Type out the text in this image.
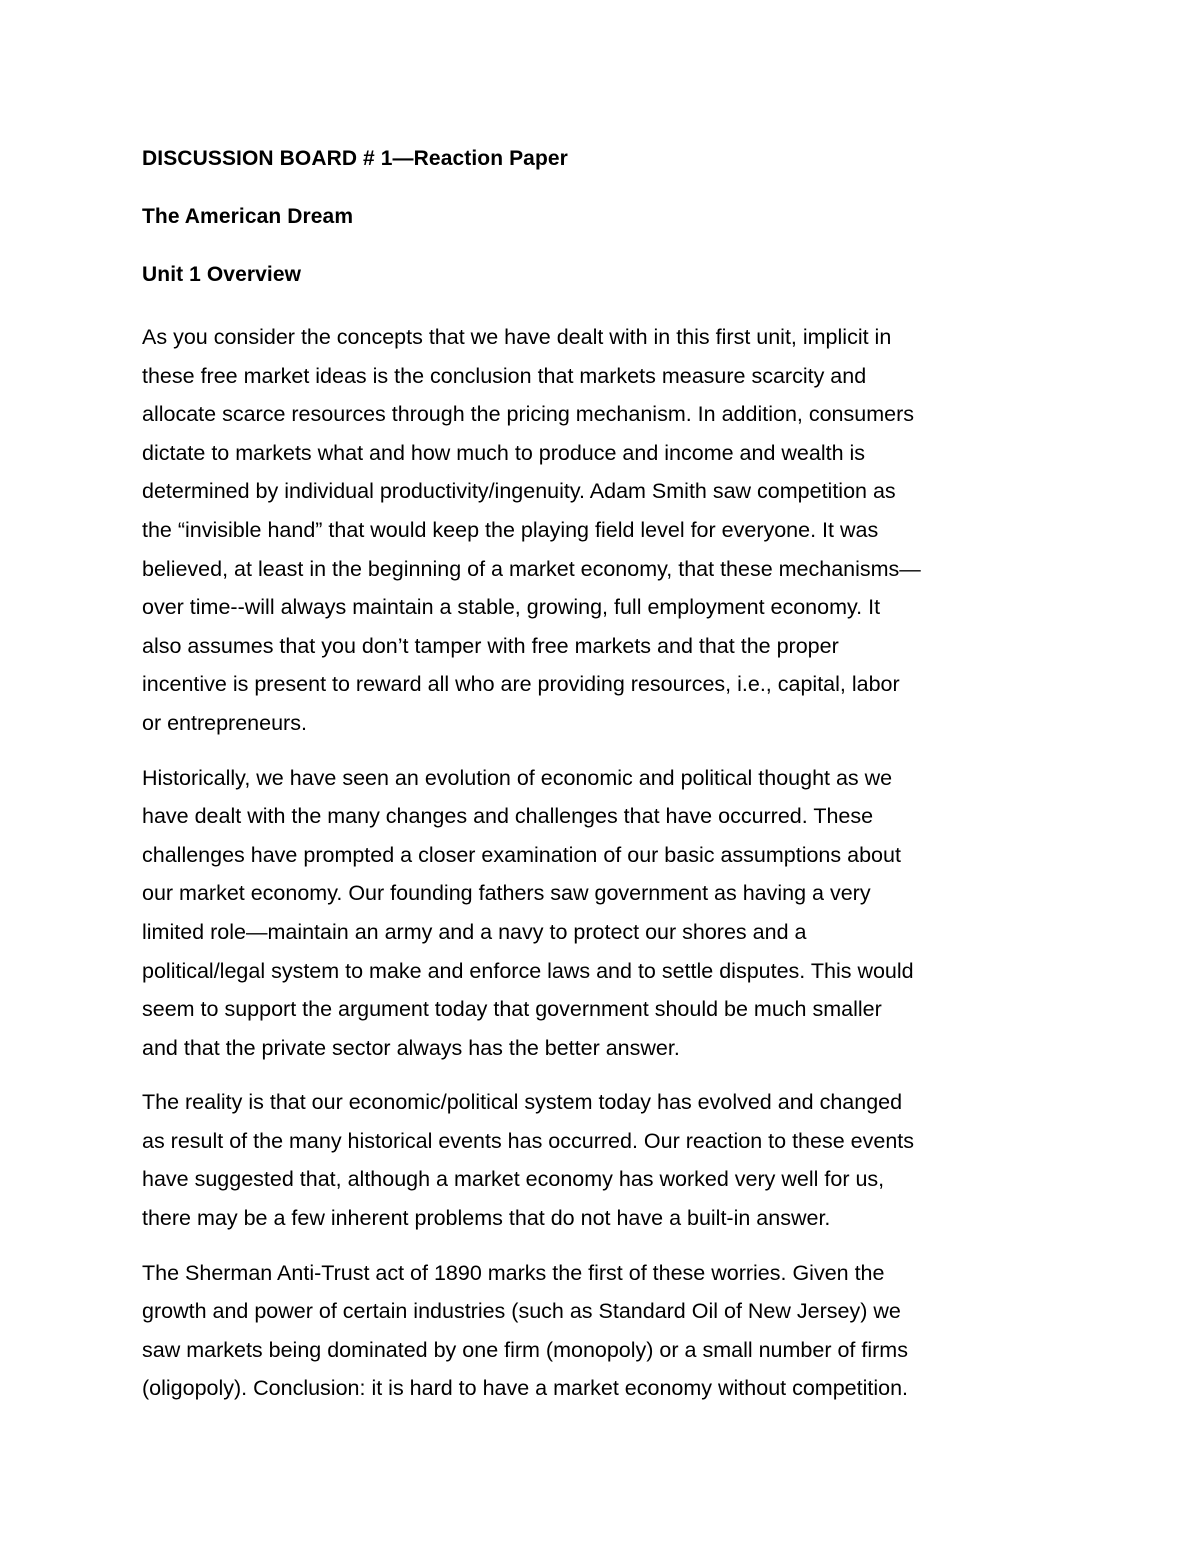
DISCUSSION BOARD # 1—Reaction Paper
The American Dream
Unit 1 Overview
As you consider the concepts that we have dealt with in this first unit, implicit in
these free market ideas is the conclusion that markets measure scarcity and
allocate scarce resources through the pricing mechanism. In addition, consumers
dictate to markets what and how much to produce and income and wealth is
determined by individual productivity/ingenuity. Adam Smith saw competition as
the “invisible hand” that would keep the playing field level for everyone. It was
believed, at least in the beginning of a market economy, that these mechanisms—
over time--will always maintain a stable, growing, full employment economy. It
also assumes that you don’t tamper with free markets and that the proper
incentive is present to reward all who are providing resources, i.e., capital, labor
or entrepreneurs.
Historically, we have seen an evolution of economic and political thought as we
have dealt with the many changes and challenges that have occurred. These
challenges have prompted a closer examination of our basic assumptions about
our market economy. Our founding fathers saw government as having a very
limited role—maintain an army and a navy to protect our shores and a
political/legal system to make and enforce laws and to settle disputes. This would
seem to support the argument today that government should be much smaller
and that the private sector always has the better answer.
The reality is that our economic/political system today has evolved and changed
as result of the many historical events has occurred. Our reaction to these events
have suggested that, although a market economy has worked very well for us,
there may be a few inherent problems that do not have a built-in answer.
The Sherman Anti-Trust act of 1890 marks the first of these worries. Given the
growth and power of certain industries (such as Standard Oil of New Jersey) we
saw markets being dominated by one firm (monopoly) or a small number of firms
(oligopoly). Conclusion: it is hard to have a market economy without competition.
